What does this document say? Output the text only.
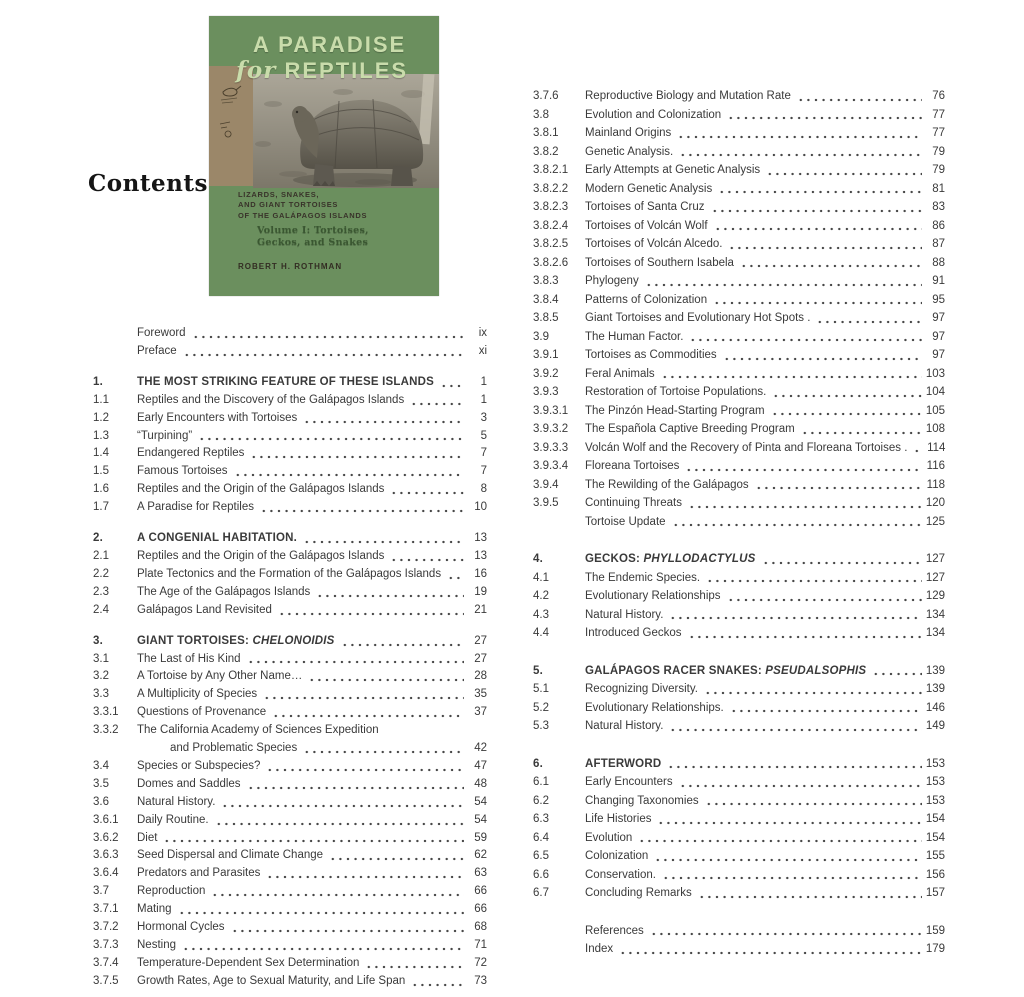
Contents
A PARADISE
for REPTILES
LIZARDS, SNAKES,
AND GIANT TORTOISES
OF THE GALÁPAGOS ISLANDS
Volume I: Tortoises,
Geckos, and Snakes
ROBERT H. ROTHMAN
Foreword	ix
Preface	xi
1.	THE MOST STRIKING FEATURE OF THESE ISLANDS	1
1.1	Reptiles and the Discovery of the Galápagos Islands	1
1.2	Early Encounters with Tortoises	3
1.3	“Turpining”	5
1.4	Endangered Reptiles	7
1.5	Famous Tortoises	7
1.6	Reptiles and the Origin of the Galápagos Islands	8
1.7	A Paradise for Reptiles	10
2.	A CONGENIAL HABITATION.	13
2.1	Reptiles and the Origin of the Galápagos Islands	13
2.2	Plate Tectonics and the Formation of the Galápagos Islands	16
2.3	The Age of the Galápagos Islands	19
2.4	Galápagos Land Revisited	21
3.	GIANT TORTOISES: CHELONOIDIS	27
3.1	The Last of His Kind	27
3.2	A Tortoise by Any Other Name…	28
3.3	A Multiplicity of Species	35
3.3.1	Questions of Provenance	37
3.3.2	The California Academy of Sciences Expedition
and Problematic Species	42
3.4	Species or Subspecies?	47
3.5	Domes and Saddles	48
3.6	Natural History.	54
3.6.1	Daily Routine.	54
3.6.2	Diet	59
3.6.3	Seed Dispersal and Climate Change	62
3.6.4	Predators and Parasites	63
3.7	Reproduction	66
3.7.1	Mating	66
3.7.2	Hormonal Cycles	68
3.7.3	Nesting	71
3.7.4	Temperature-Dependent Sex Determination	72
3.7.5	Growth Rates, Age to Sexual Maturity, and Life Span	73
3.7.6	Reproductive Biology and Mutation Rate	76
3.8	Evolution and Colonization	77
3.8.1	Mainland Origins	77
3.8.2	Genetic Analysis.	79
3.8.2.1	Early Attempts at Genetic Analysis	79
3.8.2.2	Modern Genetic Analysis	81
3.8.2.3	Tortoises of Santa Cruz	83
3.8.2.4	Tortoises of Volcán Wolf	86
3.8.2.5	Tortoises of Volcán Alcedo.	87
3.8.2.6	Tortoises of Southern Isabela	88
3.8.3	Phylogeny	91
3.8.4	Patterns of Colonization	95
3.8.5	Giant Tortoises and Evolutionary Hot Spots .	97
3.9	The Human Factor.	97
3.9.1	Tortoises as Commodities	97
3.9.2	Feral Animals	103
3.9.3	Restoration of Tortoise Populations.	104
3.9.3.1	The Pinzón Head-Starting Program	105
3.9.3.2	The Española Captive Breeding Program	108
3.9.3.3	Volcán Wolf and the Recovery of Pinta and Floreana Tortoises . 114
3.9.3.4	Floreana Tortoises	116
3.9.4	The Rewilding of the Galápagos	118
3.9.5	Continuing Threats	120
Tortoise Update	125
4.	GECKOS: PHYLLODACTYLUS	127
4.1	The Endemic Species.	127
4.2	Evolutionary Relationships	129
4.3	Natural History.	134
4.4	Introduced Geckos	134
5.	GALÁPAGOS RACER SNAKES: PSEUDALSOPHIS	139
5.1	Recognizing Diversity.	139
5.2	Evolutionary Relationships.	146
5.3	Natural History.	149
6.	AFTERWORD	153
6.1	Early Encounters	153
6.2	Changing Taxonomies	153
6.3	Life Histories	154
6.4	Evolution	154
6.5	Colonization	155
6.6	Conservation.	156
6.7	Concluding Remarks	157
References	159
Index	179
